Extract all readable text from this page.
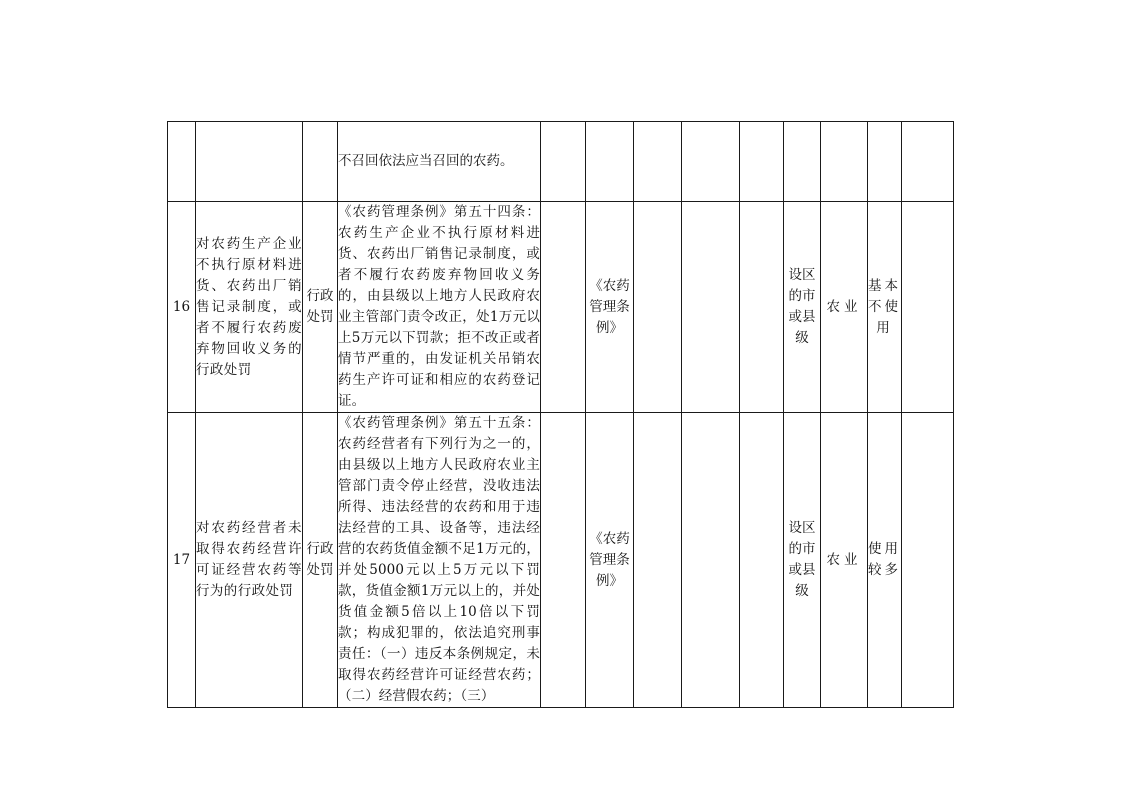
			不召回依法应当召回的农药。									

16	对农药生产企业不执行原材料进货、农药出厂销售记录制度，或者不履行农药废弃物回收义务的行政处罚	行政处罚	《农药管理条例》第五十四条：农药生产企业不执行原材料进货、农药出厂销售记录制度，或者不履行农药废弃物回收义务的，由县级以上地方人民政府农业主管部门责令改正，处1万元以上5万元以下罚款；拒不改正或者情节严重的，由发证机关吊销农药生产许可证和相应的农药登记证。		《农药管理条例》				设区的市或县级	农业	基本不使用	

17	对农药经营者未取得农药经营许可证经营农药等行为的行政处罚	行政处罚	《农药管理条例》第五十五条：农药经营者有下列行为之一的，由县级以上地方人民政府农业主管部门责令停止经营，没收违法所得、违法经营的农药和用于违法经营的工具、设备等，违法经营的农药货值金额不足1万元的，并处5000元以上5万元以下罚款，货值金额1万元以上的，并处货值金额5倍以上10倍以下罚款；构成犯罪的，依法追究刑事责任：（一）违反本条例规定，未取得农药经营许可证经营农药；（二）经营假农药；（三）		《农药管理条例》				设区的市或县级	农业	使用较多	
